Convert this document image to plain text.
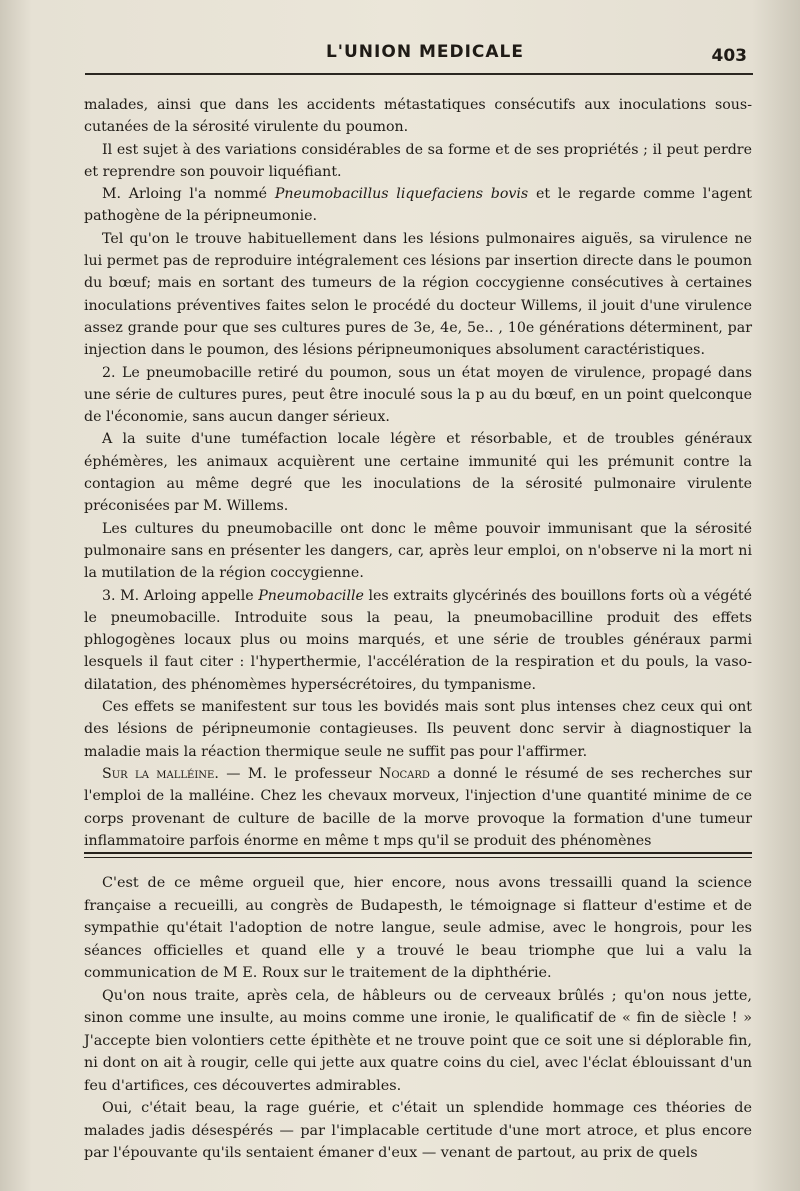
L'UNION MEDICALE	403

malades, ainsi que dans les accidents métastatiques consécutifs aux inoculations sous-cutanées de la sérosité virulente du poumon.

Il est sujet à des variations considérables de sa forme et de ses propriétés ; il peut perdre et reprendre son pouvoir liquéfiant.

M. Arloing l'a nommé Pneumobacillus liquefaciens bovis et le regarde comme l'agent pathogène de la péripneumonie.

Tel qu'on le trouve habituellement dans les lésions pulmonaires aiguës, sa virulence ne lui permet pas de reproduire intégralement ces lésions par insertion directe dans le poumon du bœuf; mais en sortant des tumeurs de la région coccygienne consécutives à certaines inoculations préventives faites selon le procédé du docteur Willems, il jouit d'une virulence assez grande pour que ses cultures pures de 3e, 4e, 5e.. , 10e générations déterminent, par injection dans le poumon, des lésions péripneumoniques absolument caractéristiques.

2. Le pneumobacille retiré du poumon, sous un état moyen de virulence, propagé dans une série de cultures pures, peut être inoculé sous la p au du bœuf, en un point quelconque de l'économie, sans aucun danger sérieux.

A la suite d'une tuméfaction locale légère et résorbable, et de troubles généraux éphémères, les animaux acquièrent une certaine immunité qui les prémunit contre la contagion au même degré que les inoculations de la sérosité pulmonaire virulente préconisées par M. Willems.

Les cultures du pneumobacille ont donc le même pouvoir immunisant que la sérosité pulmonaire sans en présenter les dangers, car, après leur emploi, on n'observe ni la mort ni la mutilation de la région coccygienne.

3. M. Arloing appelle Pneumobacille les extraits glycérinés des bouillons forts où a végété le pneumobacille. Introduite sous la peau, la pneumobacilline produit des effets phlogogènes locaux plus ou moins marqués, et une série de troubles généraux parmi lesquels il faut citer : l'hyperthermie, l'accélération de la respiration et du pouls, la vaso-dilatation, des phénomèmes hypersécrétoires, du tympanisme.

Ces effets se manifestent sur tous les bovidés mais sont plus intenses chez ceux qui ont des lésions de péripneumonie contagieuses. Ils peuvent donc servir à diagnostiquer la maladie mais la réaction thermique seule ne suffit pas pour l'affirmer.

Sur la malléine. — M. le professeur Nocard a donné le résumé de ses recherches sur l'emploi de la malléine. Chez les chevaux morveux, l'injection d'une quantité minime de ce corps provenant de culture de bacille de la morve provoque la formation d'une tumeur inflammatoire parfois énorme en même t mps qu'il se produit des phénomènes

C'est de ce même orgueil que, hier encore, nous avons tressailli quand la science française a recueilli, au congrès de Budapesth, le témoignage si flatteur d'estime et de sympathie qu'était l'adoption de notre langue, seule admise, avec le hongrois, pour les séances officielles et quand elle y a trouvé le beau triomphe que lui a valu la communication de M E. Roux sur le traitement de la diphthérie.

Qu'on nous traite, après cela, de hâbleurs ou de cerveaux brûlés ; qu'on nous jette, sinon comme une insulte, au moins comme une ironie, le qualificatif de « fin de siècle ! » J'accepte bien volontiers cette épithète et ne trouve point que ce soit une si déplorable fin, ni dont on ait à rougir, celle qui jette aux quatre coins du ciel, avec l'éclat éblouissant d'un feu d'artifices, ces découvertes admirables.

Oui, c'était beau, la rage guérie, et c'était un splendide hommage ces théories de malades jadis désespérés — par l'implacable certitude d'une mort atroce, et plus encore par l'épouvante qu'ils sentaient émaner d'eux — venant de partout, au prix de quels
